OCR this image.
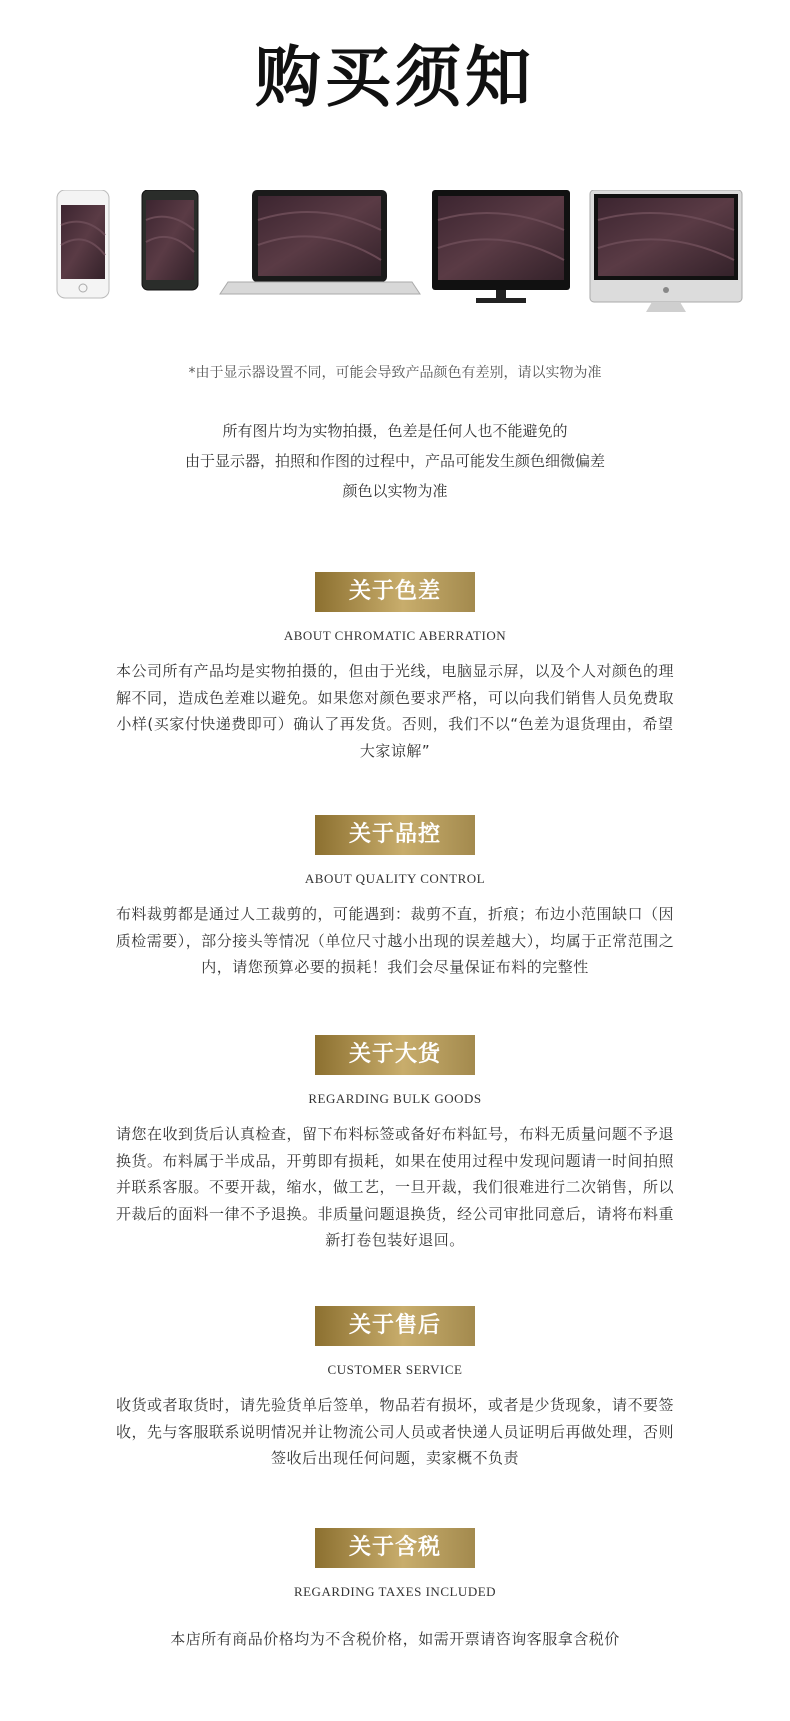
购买须知
*由于显示器设置不同，可能会导致产品颜色有差别，请以实物为准
所有图片均为实物拍摄，色差是任何人也不能避免的
由于显示器，拍照和作图的过程中，产品可能发生颜色细微偏差
颜色以实物为准
关于色差
ABOUT CHROMATIC ABERRATION
本公司所有产品均是实物拍摄的，但由于光线，电脑显示屏，以及个人对颜色的理解不同，造成色差难以避免。如果您对颜色要求严格，可以向我们销售人员免费取小样(买家付快递费即可）确认了再发货。否则，我们不以“色差为退货理由，希望大家谅解”
关于品控
ABOUT QUALITY CONTROL
布料裁剪都是通过人工裁剪的，可能遇到：裁剪不直，折痕；布边小范围缺口（因质检需要），部分接头等情况（单位尺寸越小出现的误差越大），均属于正常范围之内，请您预算必要的损耗！我们会尽量保证布料的完整性
关于大货
REGARDING BULK GOODS
请您在收到货后认真检查，留下布料标签或备好布料缸号，布料无质量问题不予退换货。布料属于半成品，开剪即有损耗，如果在使用过程中发现问题请一时间拍照并联系客服。不要开裁，缩水，做工艺，一旦开裁，我们很难进行二次销售，所以开裁后的面料一律不予退换。非质量问题退换货，经公司审批同意后，请将布料重新打卷包装好退回。
关于售后
CUSTOMER SERVICE
收货或者取货时，请先验货单后签单，物品若有损坏，或者是少货现象，请不要签收，先与客服联系说明情况并让物流公司人员或者快递人员证明后再做处理，否则签收后出现任何问题，卖家概不负责
关于含税
REGARDING TAXES INCLUDED
本店所有商品价格均为不含税价格，如需开票请咨询客服拿含税价
